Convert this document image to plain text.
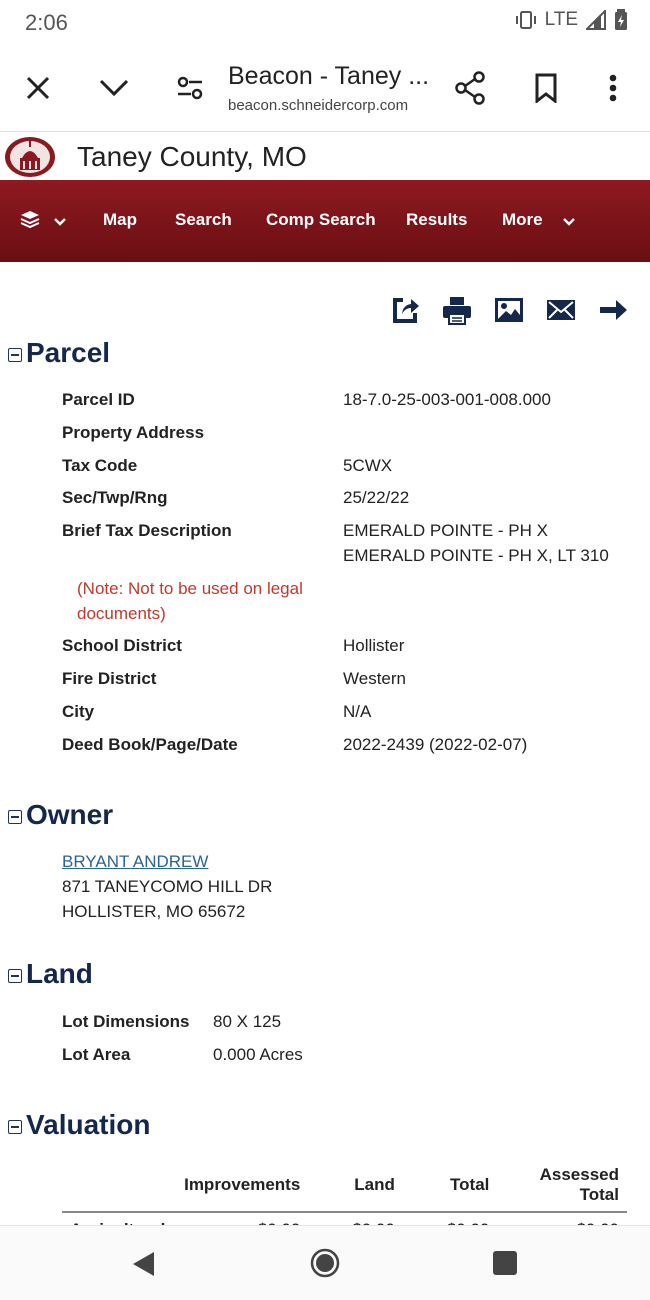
2:06	LTE
Beacon - Taney ...
beacon.schneidercorp.com
Taney County, MO
Map Search Comp Search Results More
Parcel
Parcel ID	18-7.0-25-003-001-008.000
Property Address
Tax Code	5CWX
Sec/Twp/Rng	25/22/22
Brief Tax Description	EMERALD POINTE - PH X EMERALD POINTE - PH X, LT 310
(Note: Not to be used on legal documents)
School District	Hollister
Fire District	Western
City	N/A
Deed Book/Page/Date	2022-2439 (2022-02-07)
Owner
BRYANT ANDREW
871 TANEYCOMO HILL DR
HOLLISTER, MO 65672
Land
Lot Dimensions 80 X 125
Lot Area	0.000 Acres
Valuation
	Improvements	Land	Total	Assessed Total
